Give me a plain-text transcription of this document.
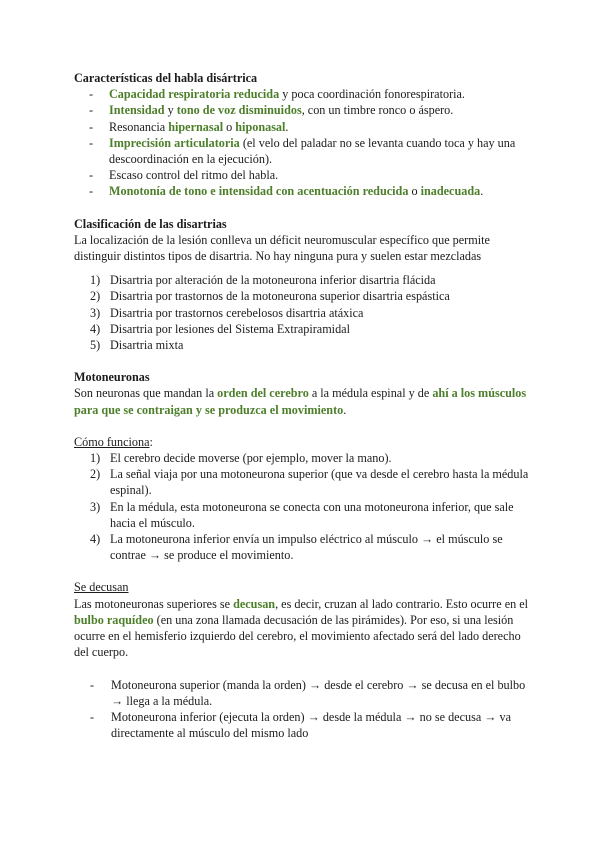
Características del habla disártrica
- Capacidad respiratoria reducida y poca coordinación fonorespiratoria.
- Intensidad y tono de voz disminuidos, con un timbre ronco o áspero.
- Resonancia hipernasal o hiponasal.
- Imprecisión articulatoria (el velo del paladar no se levanta cuando toca y hay una descoordinación en la ejecución).
- Escaso control del ritmo del habla.
- Monotonía de tono e intensidad con acentuación reducida o inadecuada.
Clasificación de las disartrias

La localización de la lesión conlleva un déficit neuromuscular específico que permite distinguir distintos tipos de disartria. No hay ninguna pura y suelen estar mezcladas

1) Disartria por alteración de la motoneurona inferior disartria flácida
2) Disartria por trastornos de la motoneurona superior disartria espástica
3) Disartria por trastornos cerebelosos disartria atáxica
4) Disartria por lesiones del Sistema Extrapiramidal
5) Disartria mixta
Motoneuronas

Son neuronas que mandan la orden del cerebro a la médula espinal y de ahí a los músculos para que se contraigan y se produzca el movimiento.

Cómo funciona:

1) El cerebro decide moverse (por ejemplo, mover la mano).
2) La señal viaja por una motoneurona superior (que va desde el cerebro hasta la médula espinal).
3) En la médula, esta motoneurona se conecta con una motoneurona inferior, que sale hacia el músculo.
4) La motoneurona inferior envía un impulso eléctrico al músculo → el músculo se contrae → se produce el movimiento.

Se decusan

Las motoneuronas superiores se decusan, es decir, cruzan al lado contrario. Esto ocurre en el bulbo raquídeo (en una zona llamada decusación de las pirámides). Por eso, si una lesión ocurre en el hemisferio izquierdo del cerebro, el movimiento afectado será del lado derecho del cuerpo.

- Motoneurona superior (manda la orden) → desde el cerebro → se decusa en el bulbo → llega a la médula.
- Motoneurona inferior (ejecuta la orden) → desde la médula → no se decusa → va directamente al músculo del mismo lado
